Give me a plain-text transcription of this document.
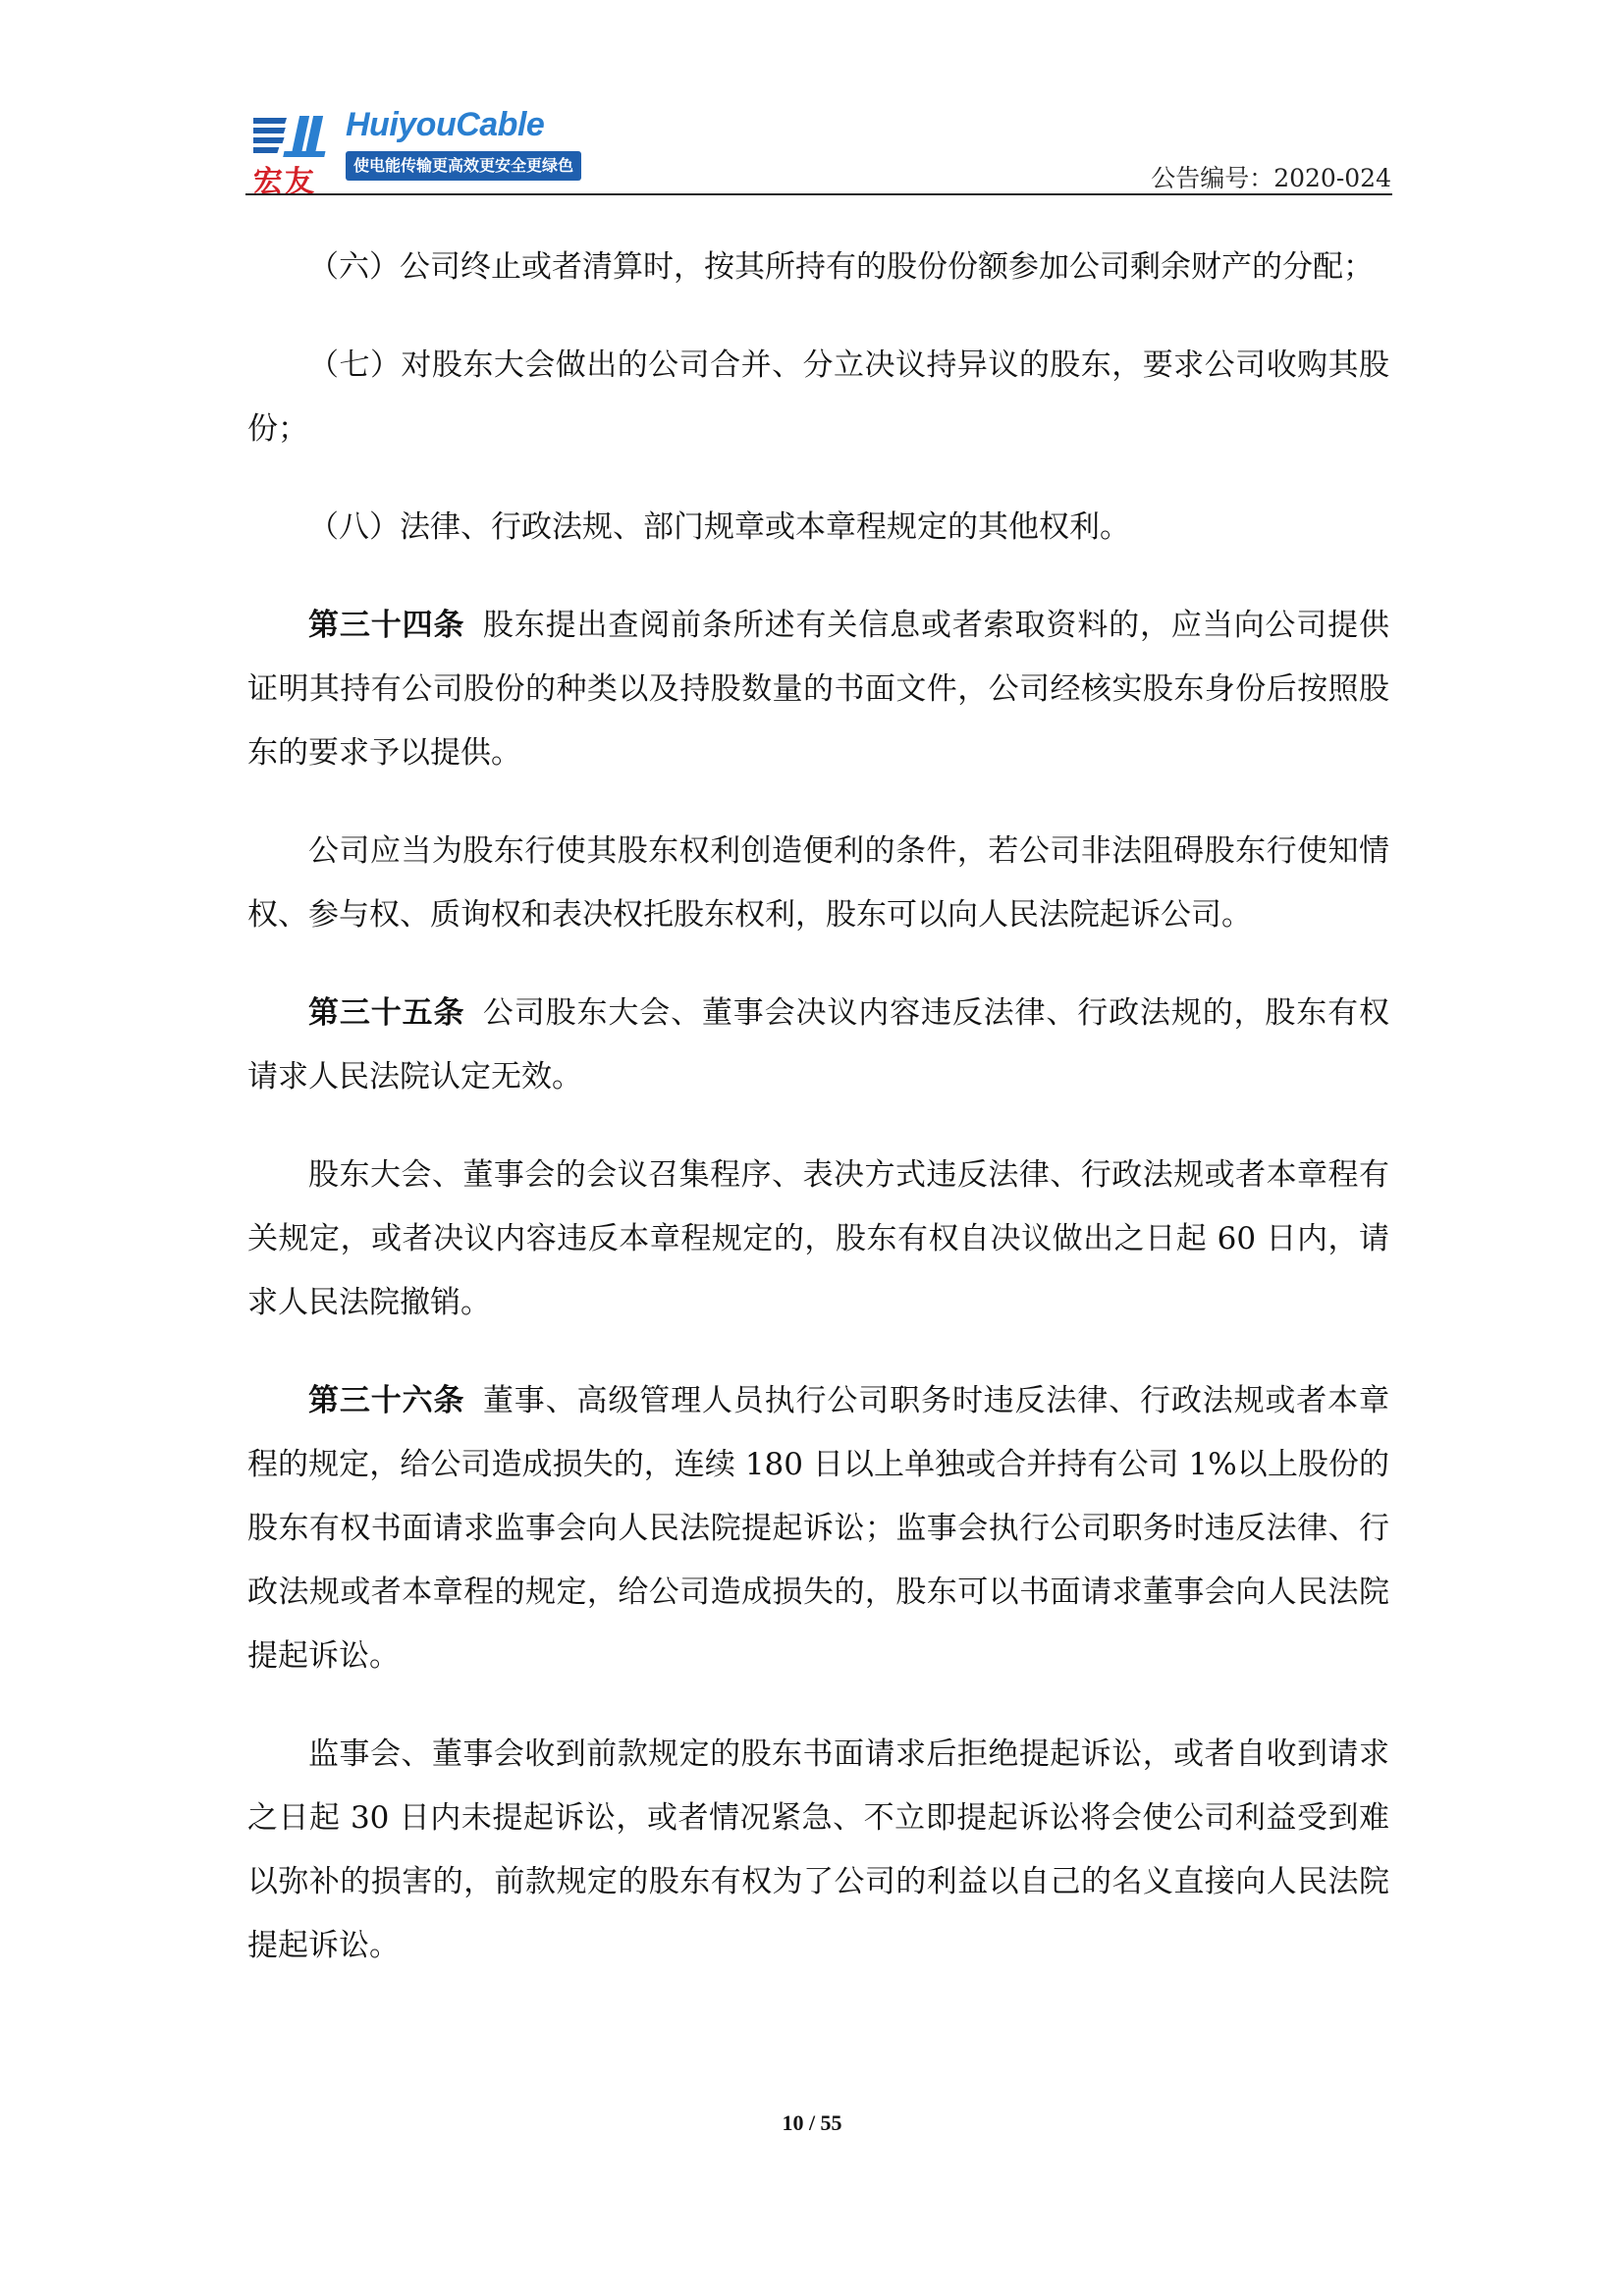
宏友
HuiyouCable
使电能传输更高效更安全更绿色	公告编号：2020-024

（六）公司终止或者清算时，按其所持有的股份份额参加公司剩余财产的分配；

（七）对股东大会做出的公司合并、分立决议持异议的股东，要求公司收购其股份；

（八）法律、行政法规、部门规章或本章程规定的其他权利。

第三十四条 股东提出查阅前条所述有关信息或者索取资料的，应当向公司提供证明其持有公司股份的种类以及持股数量的书面文件，公司经核实股东身份后按照股东的要求予以提供。

公司应当为股东行使其股东权利创造便利的条件，若公司非法阻碍股东行使知情权、参与权、质询权和表决权托股东权利，股东可以向人民法院起诉公司。

第三十五条 公司股东大会、董事会决议内容违反法律、行政法规的，股东有权请求人民法院认定无效。

股东大会、董事会的会议召集程序、表决方式违反法律、行政法规或者本章程有关规定，或者决议内容违反本章程规定的，股东有权自决议做出之日起 60 日内，请求人民法院撤销。

第三十六条 董事、高级管理人员执行公司职务时违反法律、行政法规或者本章程的规定，给公司造成损失的，连续 180 日以上单独或合并持有公司 1%以上股份的股东有权书面请求监事会向人民法院提起诉讼；监事会执行公司职务时违反法律、行政法规或者本章程的规定，给公司造成损失的，股东可以书面请求董事会向人民法院提起诉讼。

监事会、董事会收到前款规定的股东书面请求后拒绝提起诉讼，或者自收到请求之日起 30 日内未提起诉讼，或者情况紧急、不立即提起诉讼将会使公司利益受到难以弥补的损害的，前款规定的股东有权为了公司的利益以自己的名义直接向人民法院提起诉讼。

10 / 55
